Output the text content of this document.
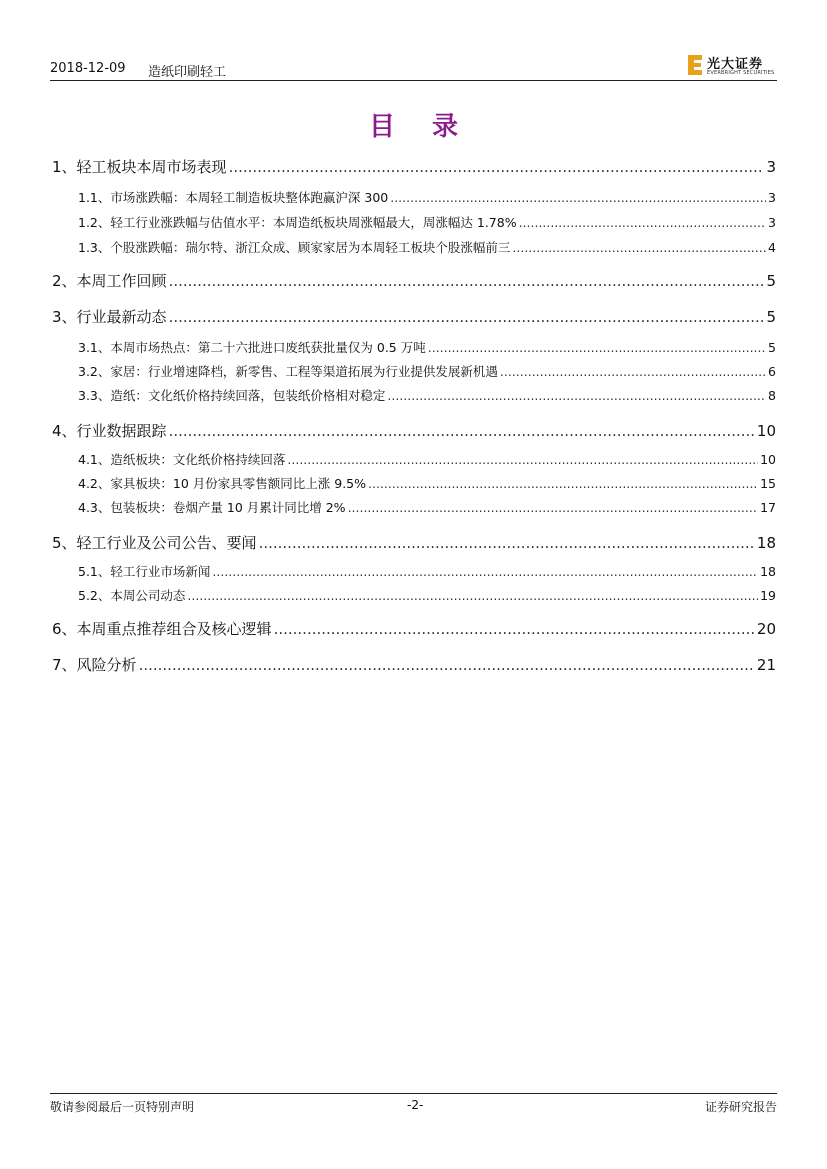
2018-12-09 造纸印刷轻工
光大证券
EVERBRIGHT SECURITIES
目 录
1、 轻工板块本周市场表现 .....	3
1.1、 市场涨跌幅：本周轻工制造板块整体跑赢沪深 300 .....	3
1.2、 轻工行业涨跌幅与估值水平：本周造纸板块周涨幅最大，周涨幅达 1.78% .....	3
1.3、 个股涨跌幅：瑞尔特、浙江众成、顾家家居为本周轻工板块个股涨幅前三 .....	4
2、 本周工作回顾 .....	5
3、 行业最新动态 .....	5
3.1、 本周市场热点：第二十六批进口废纸获批量仅为 0.5 万吨 .....	5
3.2、 家居：行业增速降档，新零售、工程等渠道拓展为行业提供发展新机遇 .....	6
3.3、 造纸：文化纸价格持续回落，包装纸价格相对稳定 .....	8
4、 行业数据跟踪 .....	10
4.1、 造纸板块：文化纸价格持续回落 .....	10
4.2、 家具板块：10 月份家具零售额同比上涨 9.5% .....	15
4.3、 包装板块：卷烟产量 10 月累计同比增 2% .....	17
5、 轻工行业及公司公告、要闻 .....	18
5.1、 轻工行业市场新闻 .....	18
5.2、 本周公司动态 .....	19
6、 本周重点推荐组合及核心逻辑 .....	20
7、 风险分析 .....	21
敬请参阅最后一页特别声明	-2-	证券研究报告
